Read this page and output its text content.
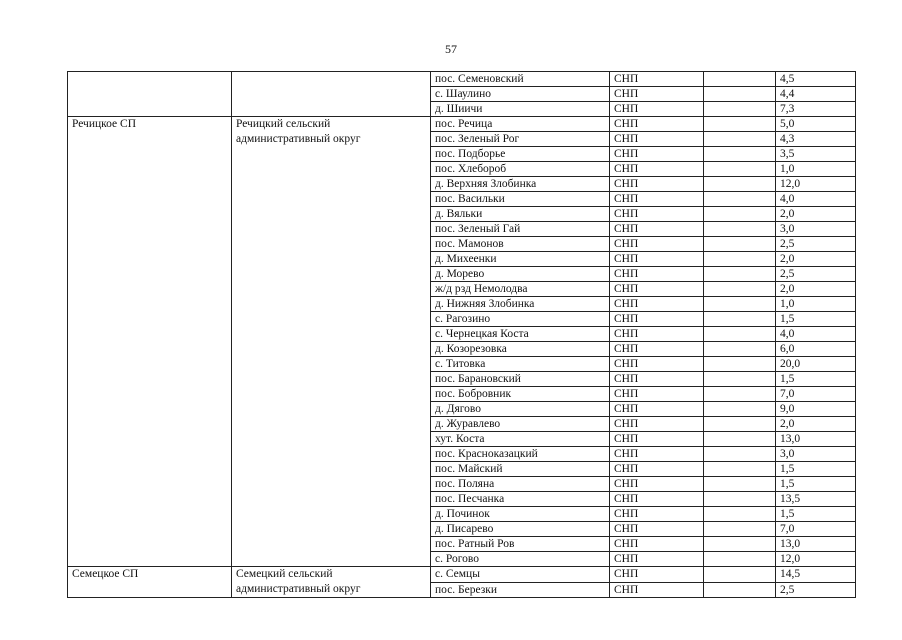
57
		пос. Семеновский	СНП		4,5
		с. Шаулино	СНП		4,4
		д. Шиичи	СНП		7,3
Речицкое СП	Речицкий сельский административный округ	пос. Речица	СНП		5,0
		пос. Зеленый Рог	СНП		4,3
		пос. Подборье	СНП		3,5
		пос. Хлебороб	СНП		1,0
		д. Верхняя Злобинка	СНП		12,0
		пос. Васильки	СНП		4,0
		д. Вяльки	СНП		2,0
		пос. Зеленый Гай	СНП		3,0
		пос. Мамонов	СНП		2,5
		д. Михеенки	СНП		2,0
		д. Морево	СНП		2,5
		ж/д рзд Немолодва	СНП		2,0
		д. Нижняя Злобинка	СНП		1,0
		с. Рагозино	СНП		1,5
		с. Чернецкая Коста	СНП		4,0
		д. Козорезовка	СНП		6,0
		с. Титовка	СНП		20,0
		пос. Барановский	СНП		1,5
		пос. Бобровник	СНП		7,0
		д. Дягово	СНП		9,0
		д. Журавлево	СНП		2,0
		хут. Коста	СНП		13,0
		пос. Красноказацкий	СНП		3,0
		пос. Майский	СНП		1,5
		пос. Поляна	СНП		1,5
		пос. Песчанка	СНП		13,5
		д. Починок	СНП		1,5
		д. Писарево	СНП		7,0
		пос. Ратный Ров	СНП		13,0
		с. Рогово	СНП		12,0
Семецкое СП	Семецкий сельский административный округ	с. Семцы	СНП		14,5
		пос. Березки	СНП		2,5
